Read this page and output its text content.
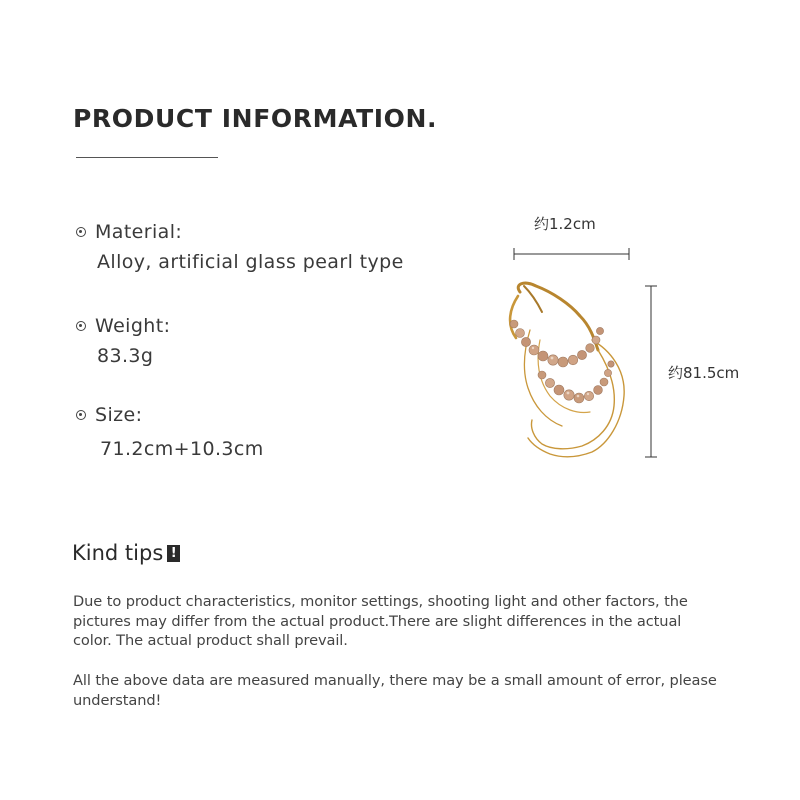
PRODUCT INFORMATION.
Material:
Alloy, artificial glass pearl type
Weight:
83.3g
Size:
71.2cm+10.3cm
约1.2cm
约81.5cm
Kind tips !
Due to product characteristics, monitor settings, shooting light and other factors, the pictures may differ from the actual product.There are slight differences in the actual color. The actual product shall prevail.
All the above data are measured manually, there may be a small amount of error, please understand!
